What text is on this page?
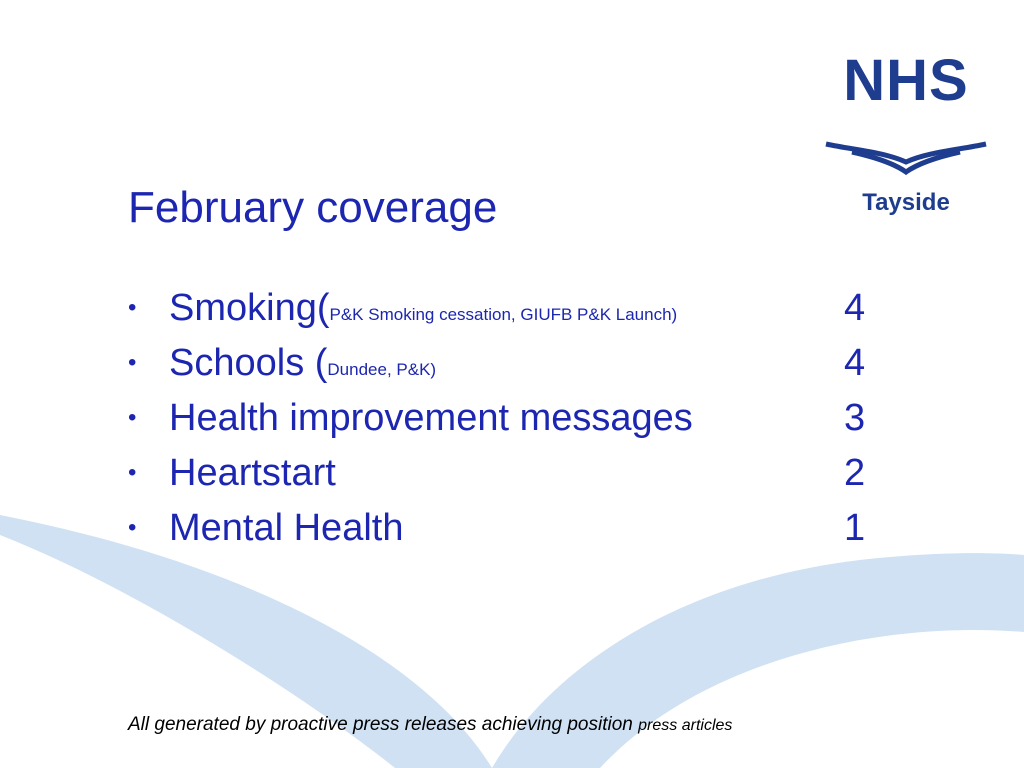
NHS
Tayside
February coverage
• Smoking(P&K Smoking cessation, GIUFB P&K Launch)	4
• Schools (Dundee, P&K)	4
• Health improvement messages	3
• Heartstart	2
• Mental Health	1
All generated by proactive press releases achieving position press articles
